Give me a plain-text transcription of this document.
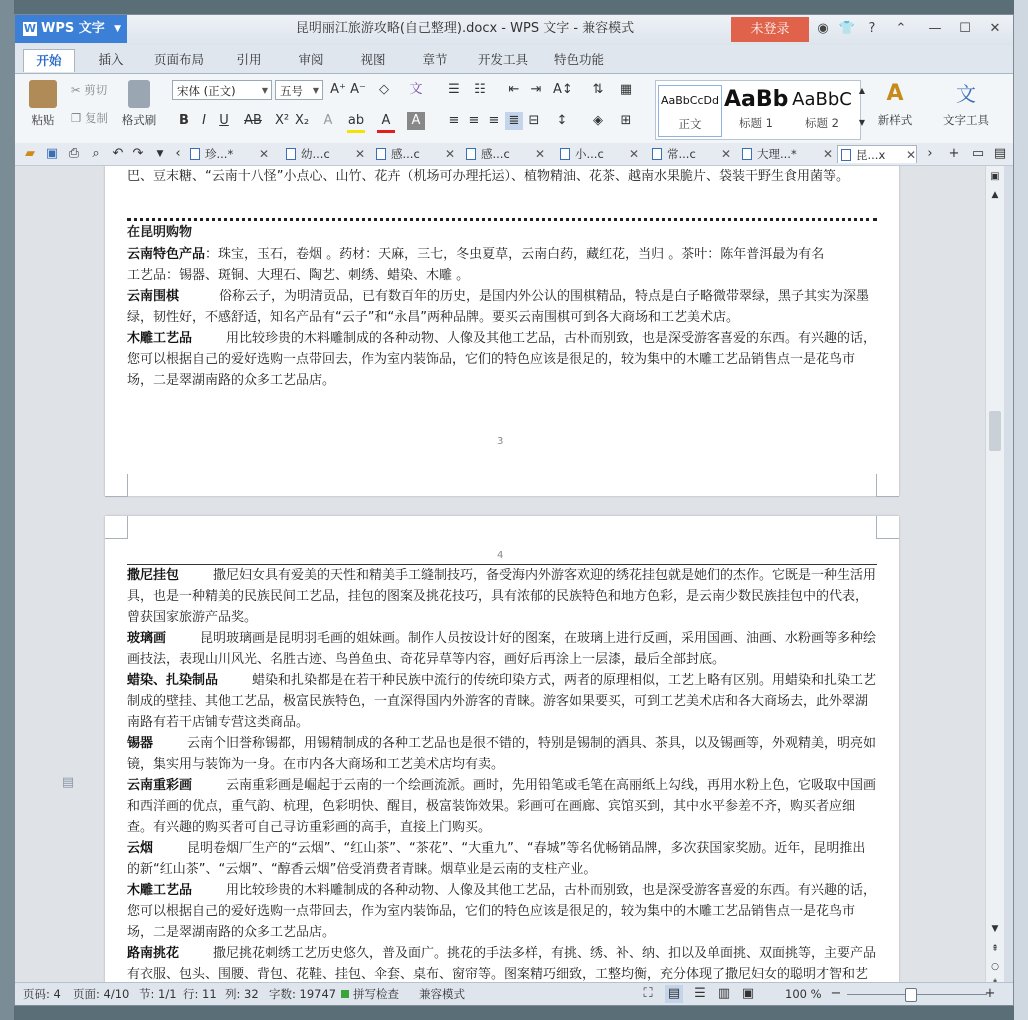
W WPS 文字 ▼	昆明丽江旅游攻略(自己整理).docx - WPS 文字 - 兼容模式	未登录	◉ 👕	?	⌃	—	☐	✕
开始	插入	页面布局	引用	审阅	视图	章节	开发工具 特色功能
粘贴
✂ 剪切
❐ 复制 格式刷
宋体 (正文)	▼	五号 ▼ A⁺ A⁻	◇	文
B	I	U	AB X² X₂	A	ab	A	A
☰ ☷ ⇤ ⇥ A↕ ⇅ ▦
≡ ≡ ≡ ≣ ⊟ ↕	◈	⊞
AaBbCcDd
正文
AaBb
标题 1
AaBbC
标题 2
▲
▼
A
新样式
文
文字工具
▰ ▣ ⎙	⌕ ↶ ↷	▼ ‹	珍...* ✕	幼...c ✕	感...c ✕	感...c ✕	小...c ✕	常...c ✕	大理...* ✕	昆...x ✕ ›	+ ▭ ▤

巴、豆末糖、“云南十八怪”小点心、山竹、花卉（机场可办理托运）、植物精油、花茶、越南水果脆片、袋装干野生食用菌等。

在昆明购物

云南特色产品：珠宝，玉石，卷烟 。药材：天麻，三七，冬虫夏草，云南白药，藏红花，当归 。茶叶：陈年普洱最为有名

工艺品：锡器、斑铜、大理石、陶艺、刺绣、蜡染、木雕 。

云南围棋	俗称云子，为明清贡品，已有数百年的历史，是国内外公认的围棋精品，特点是白子略微带翠绿，黑子其实为深墨绿，韧性好，不感舒适，知名产品有“云子”和“永昌”两种品牌。要买云南围棋可到各大商场和工艺美术店。

木雕工艺品	用比较珍贵的木料雕制成的各种动物、人像及其他工艺品，古朴而别致，也是深受游客喜爱的东西。有兴趣的话，您可以根据自己的爱好选购一点带回去，作为室内装饰品，它们的特色应该是很足的，较为集中的木雕工艺品销售点一是花鸟市场，二是翠湖南路的众多工艺品店。

3
4

撒尼挂包	撒尼妇女具有爱美的天性和精美手工缝制技巧，备受海内外游客欢迎的绣花挂包就是她们的杰作。它既是一种生活用具，也是一种精美的民族民间工艺品，挂包的图案及挑花技巧，具有浓郁的民族特色和地方色彩，是云南少数民族挂包中的代表，曾获国家旅游产品奖。

玻璃画	昆明玻璃画是昆明羽毛画的姐妹画。制作人员按设计好的图案，在玻璃上进行反画，采用国画、油画、水粉画等多种绘画技法，表现山川风光、名胜古迹、鸟兽鱼虫、奇花异草等内容，画好后再涂上一层漆，最后全部封底。

蜡染、扎染制品	蜡染和扎染都是在若干种民族中流行的传统印染方式，两者的原理相似，工艺上略有区别。用蜡染和扎染工艺制成的壁挂、其他工艺品，极富民族特色，一直深得国内外游客的青睐。游客如果要买，可到工艺美术店和各大商场去，此外翠湖南路有若干店铺专营这类商品。

锡器	云南个旧誉称锡都，用锡精制成的各种工艺品也是很不错的，特别是锡制的酒具、茶具，以及锡画等，外观精美，明亮如镜，集实用与装饰为一身。在市内各大商场和工艺美术店均有卖。

云南重彩画	云南重彩画是崛起于云南的一个绘画流派。画时，先用铅笔或毛笔在高丽纸上勾线，再用水粉上色，它吸取中国画和西洋画的优点，重气韵、杭理，色彩明快、醒目，极富装饰效果。彩画可在画廊、宾馆买到，其中水平参差不齐，购买者应细查。有兴趣的购买者可自己寻访重彩画的高手，直接上门购买。

云烟	昆明卷烟厂生产的“云烟”、“红山茶”、“茶花”、“大重九”、“春城”等名优畅销品牌，多次获国家奖励。近年，昆明推出的新“红山茶”、“云烟”、“醇香云烟”倍受消费者青睐。烟草业是云南的支柱产业。

木雕工艺品	用比较珍贵的木料雕制成的各种动物、人像及其他工艺品，古朴而别致，也是深受游客喜爱的东西。有兴趣的话，您可以根据自己的爱好选购一点带回去，作为室内装饰品，它们的特色应该是很足的，较为集中的木雕工艺品销售点一是花鸟市场，二是翠湖南路的众多工艺品店。

路南挑花	撒尼挑花刺绣工艺历史悠久，普及面广。挑花的手法多样，有挑、绣、补、纳、扣以及单面挑、双面挑等，主要产品有衣服、包头、围腰、背包、花鞋、挂包、伞套、桌布、窗帘等。图案精巧细致，工整均衡，充分体现了撒尼妇女的聪明才智和艺

▤
▣
▲
▼
⇞
○
页码: 4 页面: 4/10 节: 1/1 行: 11 列: 32 字数: 19747	拼写检查 兼容模式	⛶	▤ ☰ ▥ ▣	100 % −	+
